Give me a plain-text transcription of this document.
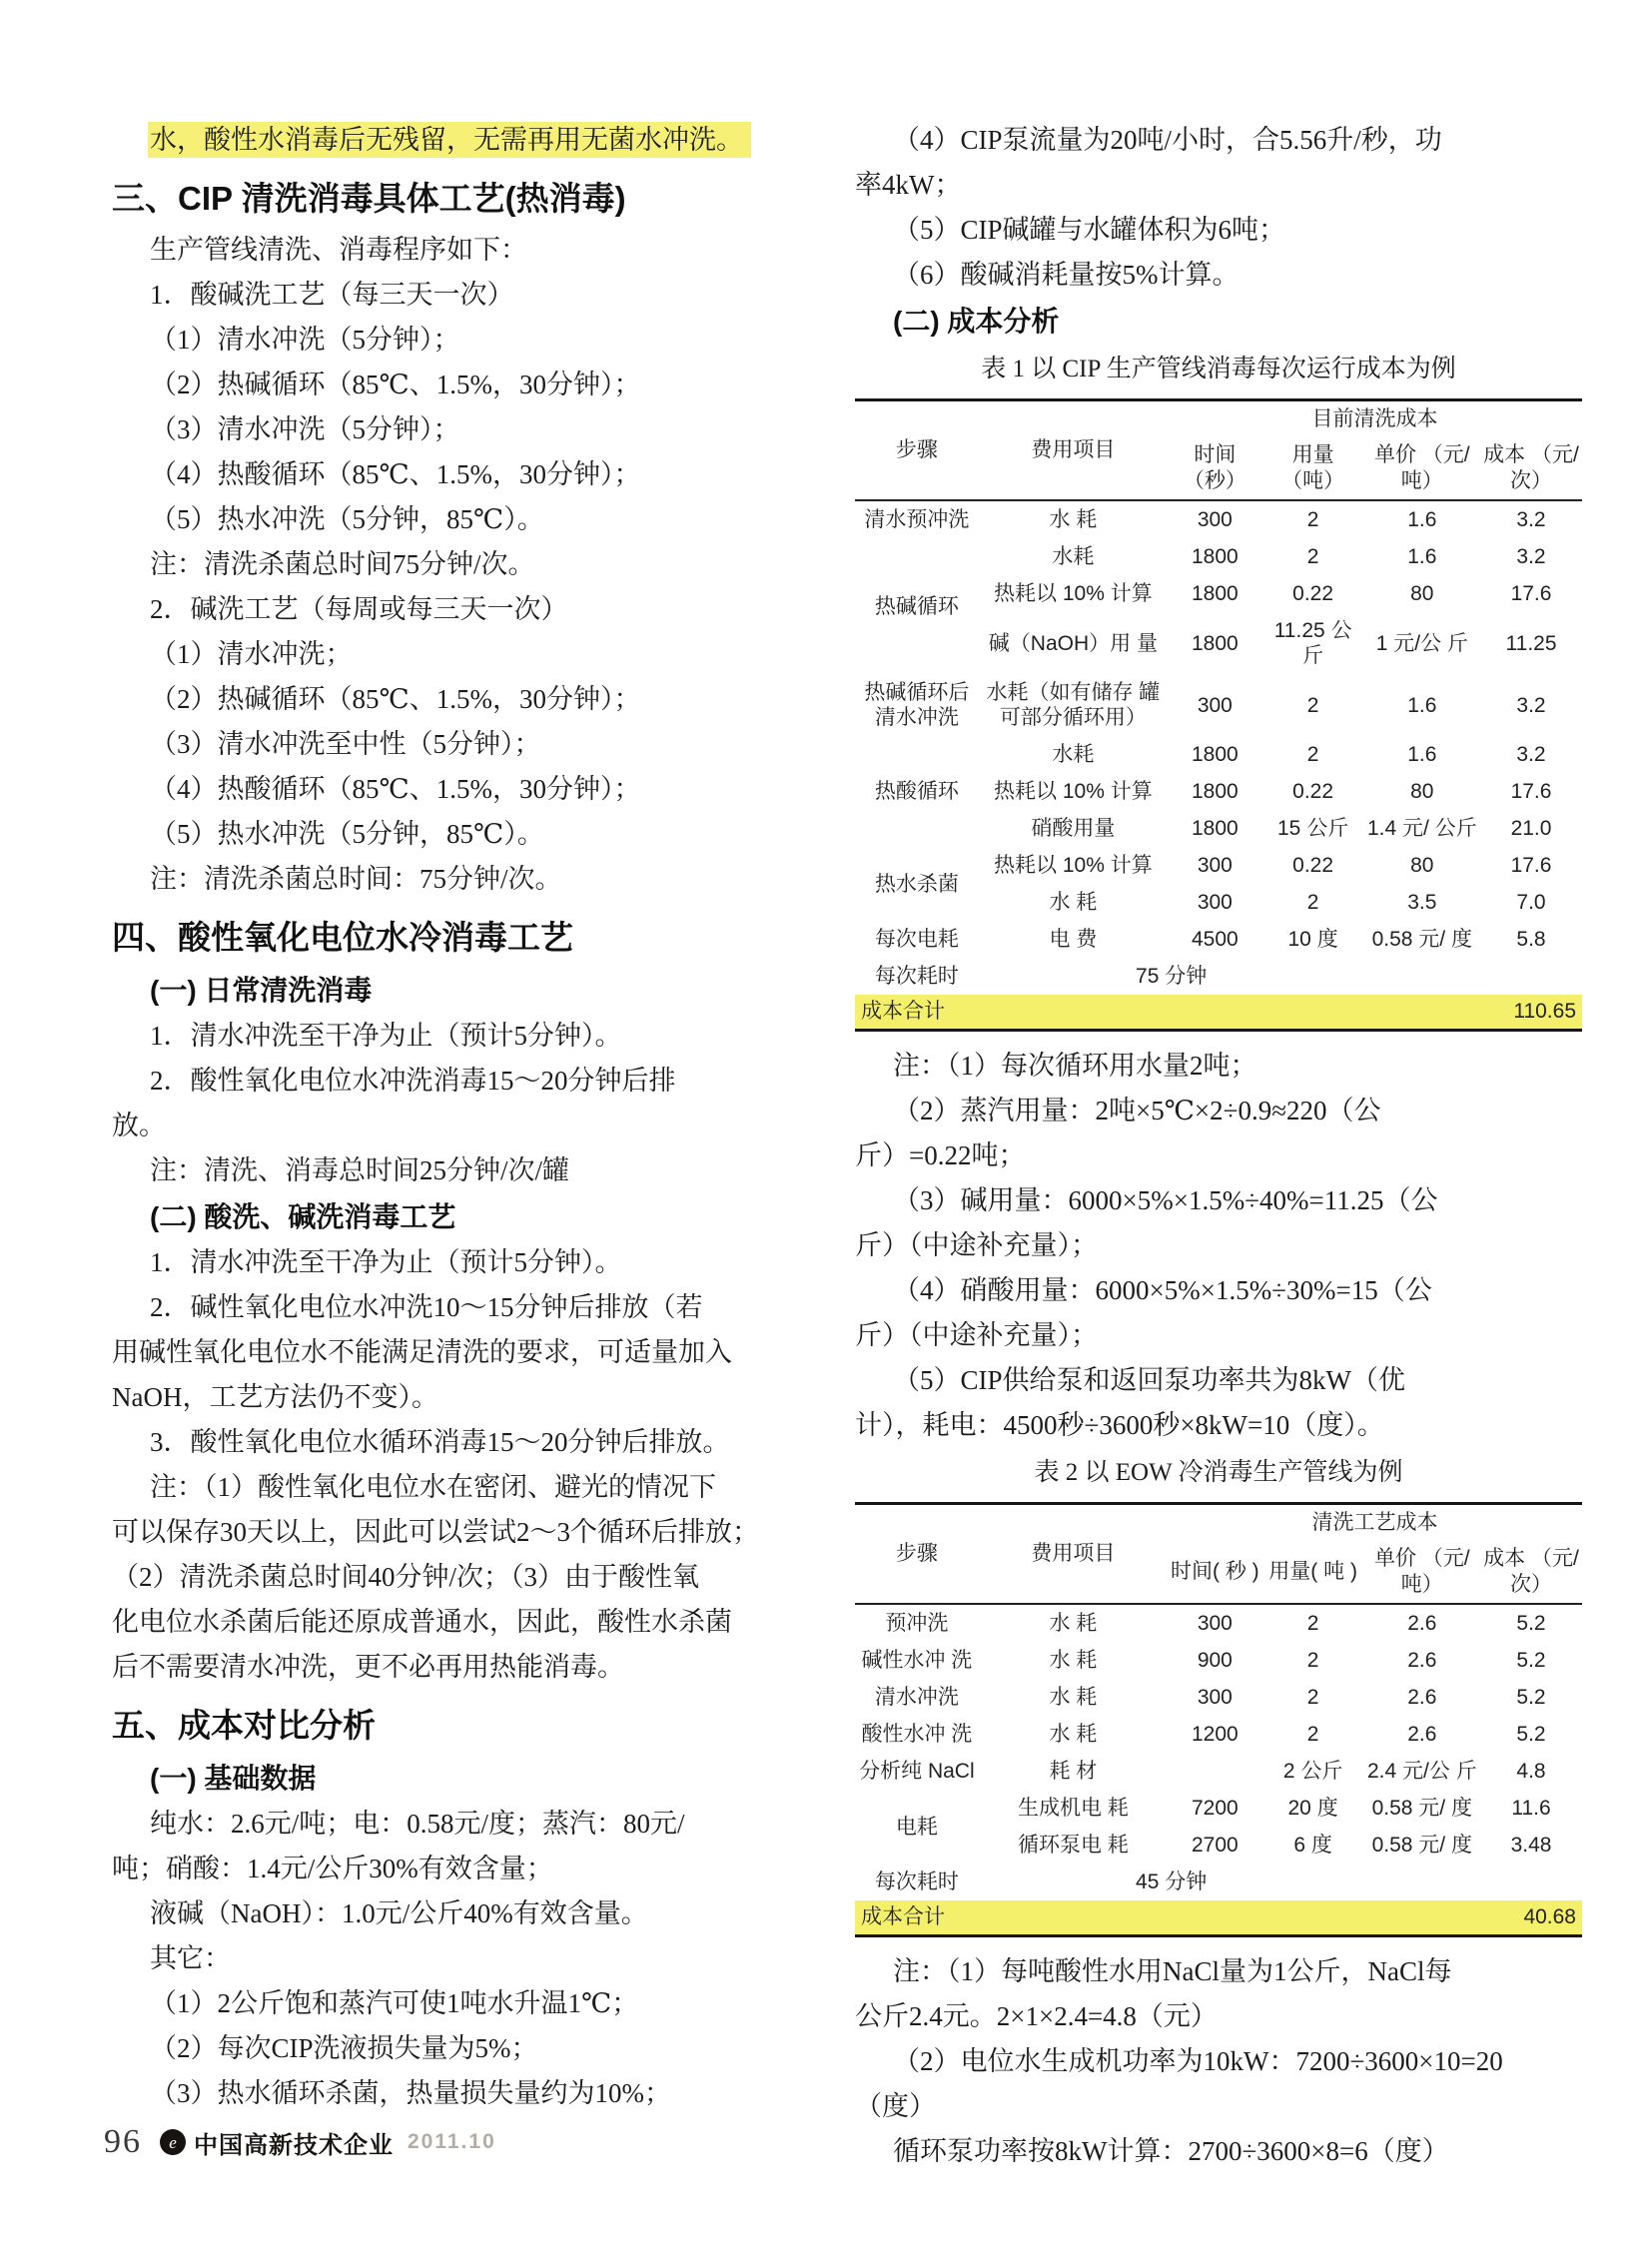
水，酸性水消毒后无残留，无需再用无菌水冲洗。
三、CIP 清洗消毒具体工艺(热消毒)
生产管线清洗、消毒程序如下：
1．酸碱洗工艺（每三天一次）
（1）清水冲洗（5分钟）；
（2）热碱循环（85℃、1.5%，30分钟）；
（3）清水冲洗（5分钟）；
（4）热酸循环（85℃、1.5%，30分钟）；
（5）热水冲洗（5分钟，85℃）。
注：清洗杀菌总时间75分钟/次。
2．碱洗工艺（每周或每三天一次）
（1）清水冲洗；
（2）热碱循环（85℃、1.5%，30分钟）；
（3）清水冲洗至中性（5分钟）；
（4）热酸循环（85℃、1.5%，30分钟）；
（5）热水冲洗（5分钟，85℃）。
注：清洗杀菌总时间：75分钟/次。
四、酸性氧化电位水冷消毒工艺
(一) 日常清洗消毒
1．清水冲洗至干净为止（预计5分钟）。
2．酸性氧化电位水冲洗消毒15～20分钟后排
放。
注：清洗、消毒总时间25分钟/次/罐
(二) 酸洗、碱洗消毒工艺
1．清水冲洗至干净为止（预计5分钟）。
2．碱性氧化电位水冲洗10～15分钟后排放（若
用碱性氧化电位水不能满足清洗的要求，可适量加入
NaOH，工艺方法仍不变）。
3．酸性氧化电位水循环消毒15～20分钟后排放。
注：（1）酸性氧化电位水在密闭、避光的情况下
可以保存30天以上，因此可以尝试2～3个循环后排放；
（2）清洗杀菌总时间40分钟/次；（3）由于酸性氧
化电位水杀菌后能还原成普通水，因此，酸性水杀菌
后不需要清水冲洗，更不必再用热能消毒。
五、成本对比分析
(一) 基础数据
纯水：2.6元/吨；电：0.58元/度；蒸汽：80元/
吨；硝酸：1.4元/公斤30%有效含量；
液碱（NaOH）：1.0元/公斤40%有效含量。
其它：
（1）2公斤饱和蒸汽可使1吨水升温1℃；
（2）每次CIP洗液损失量为5%；
（3）热水循环杀菌，热量损失量约为10%；
（4）CIP泵流量为20吨/小时，合5.56升/秒，功
率4kW；
（5）CIP碱罐与水罐体积为6吨；
（6）酸碱消耗量按5%计算。
(二) 成本分析
表 1 以 CIP 生产管线消毒每次运行成本为例
步骤	费用项目	目前清洗成本			
		时间 （秒）	用量 （吨）	单价 （元/吨）	成本 （元/ 次）
清水预冲洗	水 耗	300	2	1.6	3.2
热碱循环	水耗	1800	2	1.6	3.2
	热耗以 10% 计算	1800	0.22	80	17.6
	碱（NaOH）用 量	1800	11.25 公斤	1 元/公 斤	11.25
热碱循环后 清水冲洗	水耗（如有储存 罐可部分循环用）	300	2	1.6	3.2
热酸循环	水耗	1800	2	1.6	3.2
	热耗以 10% 计算	1800	0.22	80	17.6
	硝酸用量	1800	15 公斤	1.4 元/ 公斤	21.0
热水杀菌	热耗以 10% 计算	300	0.22	80	17.6
	水 耗	300	2	3.5	7.0
每次电耗	电 费	4500	10 度	0.58 元/ 度	5.8
每次耗时	75 分钟				
成本合计					110.65
注：（1）每次循环用水量2吨；
（2）蒸汽用量：2吨×5℃×2÷0.9≈220（公
斤）=0.22吨；
（3）碱用量：6000×5%×1.5%÷40%=11.25（公
斤）（中途补充量）；
（4）硝酸用量：6000×5%×1.5%÷30%=15（公
斤）（中途补充量）；
（5）CIP供给泵和返回泵功率共为8kW（优
计），耗电：4500秒÷3600秒×8kW=10（度）。
表 2 以 EOW 冷消毒生产管线为例
步骤	费用项目	清洗工艺成本			
		时间( 秒 )	用量( 吨 )	单价 （元/吨）	成本 （元/次）
预冲洗	水 耗	300	2	2.6	5.2
碱性水冲 洗	水 耗	900	2	2.6	5.2
清水冲洗	水 耗	300	2	2.6	5.2
酸性水冲 洗	水 耗	1200	2	2.6	5.2
分析纯 NaCl	耗 材		2 公斤	2.4 元/公 斤	4.8
电耗	生成机电 耗	7200	20 度	0.58 元/ 度	11.6
	循环泵电 耗	2700	6 度	0.58 元/ 度	3.48
每次耗时	45 分钟				
成本合计					40.68
注：（1）每吨酸性水用NaCl量为1公斤，NaCl每
公斤2.4元。2×1×2.4=4.8（元）
（2）电位水生成机功率为10kW：7200÷3600×10=20
（度）
循环泵功率按8kW计算：2700÷3600×8=6（度）
96 e 中国高新技术企业 2011.10
